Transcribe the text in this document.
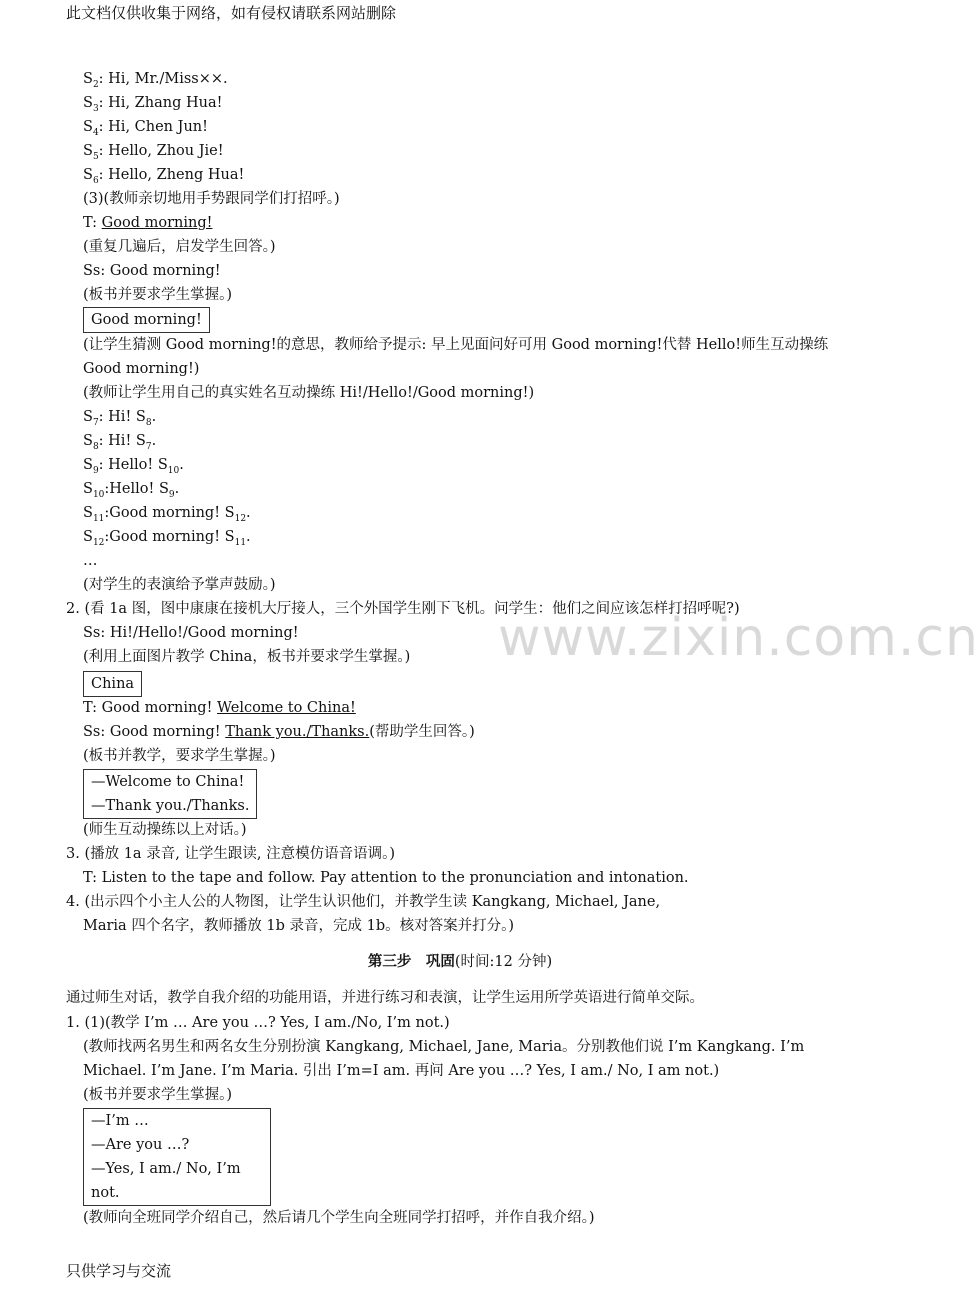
此文档仅供收集于网络，如有侵权请联系网站删除
www.zixin.com.cn
$S_2$: Hi, Mr./Miss××.
$S_3$: Hi, Zhang Hua!
$S_4$: Hi, Chen Jun!
$S_5$: Hello, Zhou Jie!
$S_6$: Hello, Zheng Hua!
(3)(教师亲切地用手势跟同学们打招呼。)
T: Good morning!
(重复几遍后，启发学生回答。)
Ss: Good morning!
(板书并要求学生掌握。)
Good morning!
(让学生猜测 Good morning!的意思，教师给予提示: 早上见面问好可用 Good morning!代替 Hello!师生互动操练
Good morning!)
(教师让学生用自己的真实姓名互动操练 Hi!/Hello!/Good morning!)
$S_7$: Hi! $S_8$.
$S_8$: Hi! $S_7$.
$S_9$: Hello! $S_{10}$.
$S_{10}:Hello$! $S_9$.
$S_{11}:Good$ morning! $S_{12}$.
$S_{12}:Good$ morning! $S_{11}$.
…
(对学生的表演给予掌声鼓励。)
2. (看 1a 图，图中康康在接机大厅接人，三个外国学生刚下飞机。问学生：他们之间应该怎样打招呼呢?)
Ss: Hi!/Hello!/Good morning!
(利用上面图片教学 China，板书并要求学生掌握。)
China
T: Good morning! Welcome to China!
Ss: Good morning! Thank you./Thanks.(帮助学生回答。)
(板书并教学，要求学生掌握。)
—Welcome to China!
—Thank you./Thanks.
(师生互动操练以上对话。)
3. (播放 1a 录音, 让学生跟读, 注意模仿语音语调。)
T: Listen to the tape and follow. Pay attention to the pronunciation and intonation.
4. (出示四个小主人公的人物图，让学生认识他们，并教学生读 Kangkang, Michael, Jane,
Maria 四个名字，教师播放 1b 录音，完成 1b。核对答案并打分。)
第三步　巩固(时间:12 分钟)
通过师生对话，教学自我介绍的功能用语，并进行练习和表演，让学生运用所学英语进行简单交际。
1. (1)(教学 I’m … Are you …? Yes, I am./No, I’m not.)
(教师找两名男生和两名女生分别扮演 Kangkang, Michael, Jane, Maria。分别教他们说 I’m Kangkang. I’m
Michael. I’m Jane. I’m Maria. 引出 I’m=I am. 再问 Are you …? Yes, I am./ No, I am not.)
(板书并要求学生掌握。)
—I’m …
—Are you …?
—Yes, I am./ No, I’m
not.
(教师向全班同学介绍自己，然后请几个学生向全班同学打招呼，并作自我介绍。)
只供学习与交流
